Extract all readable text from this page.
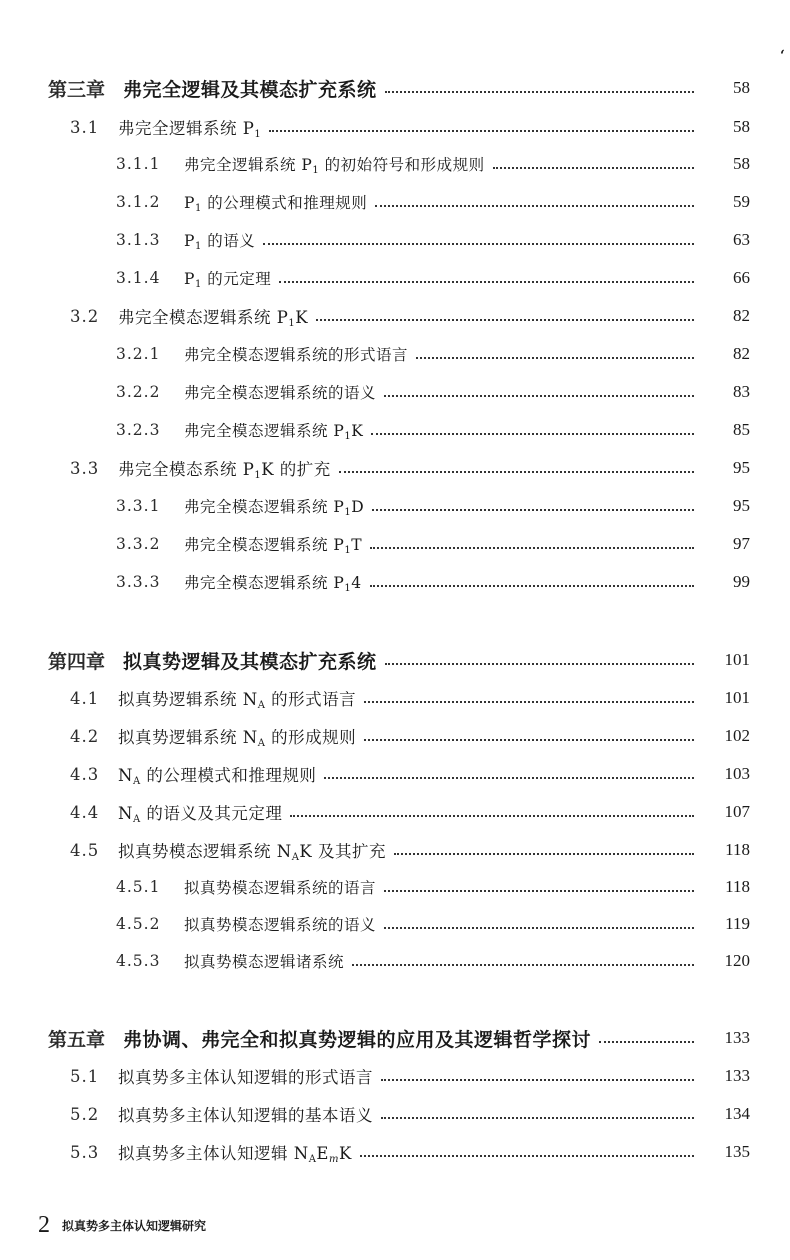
‘
第三章 弗完全逻辑及其模态扩充系统	58
3.1	弗完全逻辑系统 $P_1$	58
3.1.1	弗完全逻辑系统 $P_1$ 的初始符号和形成规则	58
3.1.2	$P_1$ 的公理模式和推理规则	59
3.1.3	$P_1$ 的语义	63
3.1.4	$P_1$ 的元定理	66
3.2	弗完全模态逻辑系统 $P_1K$	82
3.2.1	弗完全模态逻辑系统的形式语言	82
3.2.2	弗完全模态逻辑系统的语义	83
3.2.3	弗完全模态逻辑系统 $P_1K$	85
3.3	弗完全模态系统 $P_1K$ 的扩充	95
3.3.1	弗完全模态逻辑系统 $P_1D$	95
3.3.2	弗完全模态逻辑系统 $P_1T$	97
3.3.3	弗完全模态逻辑系统 $P_14$	99
第四章 拟真势逻辑及其模态扩充系统	101
4.1	拟真势逻辑系统 $N_A$ 的形式语言	101
4.2	拟真势逻辑系统 $N_A$ 的形成规则	102
4.3	$N_A$ 的公理模式和推理规则	103
4.4	$N_A$ 的语义及其元定理	107
4.5	拟真势模态逻辑系统 $N_AK$ 及其扩充	118
4.5.1	拟真势模态逻辑系统的语言	118
4.5.2	拟真势模态逻辑系统的语义	119
4.5.3	拟真势模态逻辑诸系统	120
第五章 弗协调、弗完全和拟真势逻辑的应用及其逻辑哲学探讨	133
5.1	拟真势多主体认知逻辑的形式语言	133
5.2	拟真势多主体认知逻辑的基本语义	134
5.3	拟真势多主体认知逻辑 $N_AE_mK$	135
2 拟真势多主体认知逻辑研究
